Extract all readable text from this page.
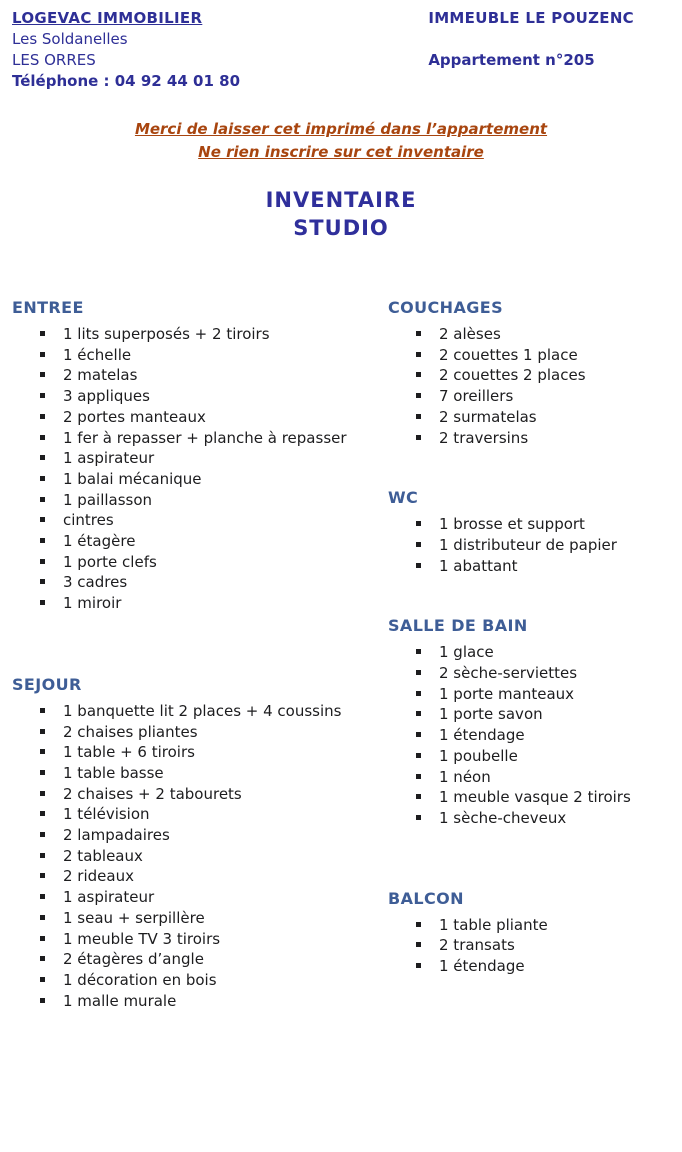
LOGEVAC IMMOBILIER
Les Soldanelles
LES ORRES
Téléphone : 04 92 44 01 80
IMMEUBLE LE POUZENC
Appartement n°205
Merci de laisser cet imprimé dans l’appartement
Ne rien inscrire sur cet inventaire
INVENTAIRE
STUDIO
ENTREE
1 lits superposés + 2 tiroirs
1 échelle
2 matelas
3 appliques
2 portes manteaux
1 fer à repasser + planche à repasser
1 aspirateur
1 balai mécanique
1 paillasson
cintres
1 étagère
1 porte clefs
3 cadres
1 miroir
SEJOUR
1 banquette lit 2 places + 4 coussins
2 chaises pliantes
1 table + 6 tiroirs
1 table basse
2 chaises + 2 tabourets
1 télévision
2 lampadaires
2 tableaux
2 rideaux
1 aspirateur
1 seau + serpillère
1 meuble TV 3 tiroirs
2 étagères d’angle
1 décoration en bois
1 malle murale
COUCHAGES
2 alèses
2 couettes 1 place
2 couettes 2 places
7 oreillers
2 surmatelas
2 traversins
WC
1 brosse et support
1 distributeur de papier
1 abattant
SALLE DE BAIN
1 glace
2 sèche-serviettes
1 porte manteaux
1 porte savon
1 étendage
1 poubelle
1 néon
1 meuble vasque 2 tiroirs
1 sèche-cheveux
BALCON
1 table pliante
2 transats
1 étendage
